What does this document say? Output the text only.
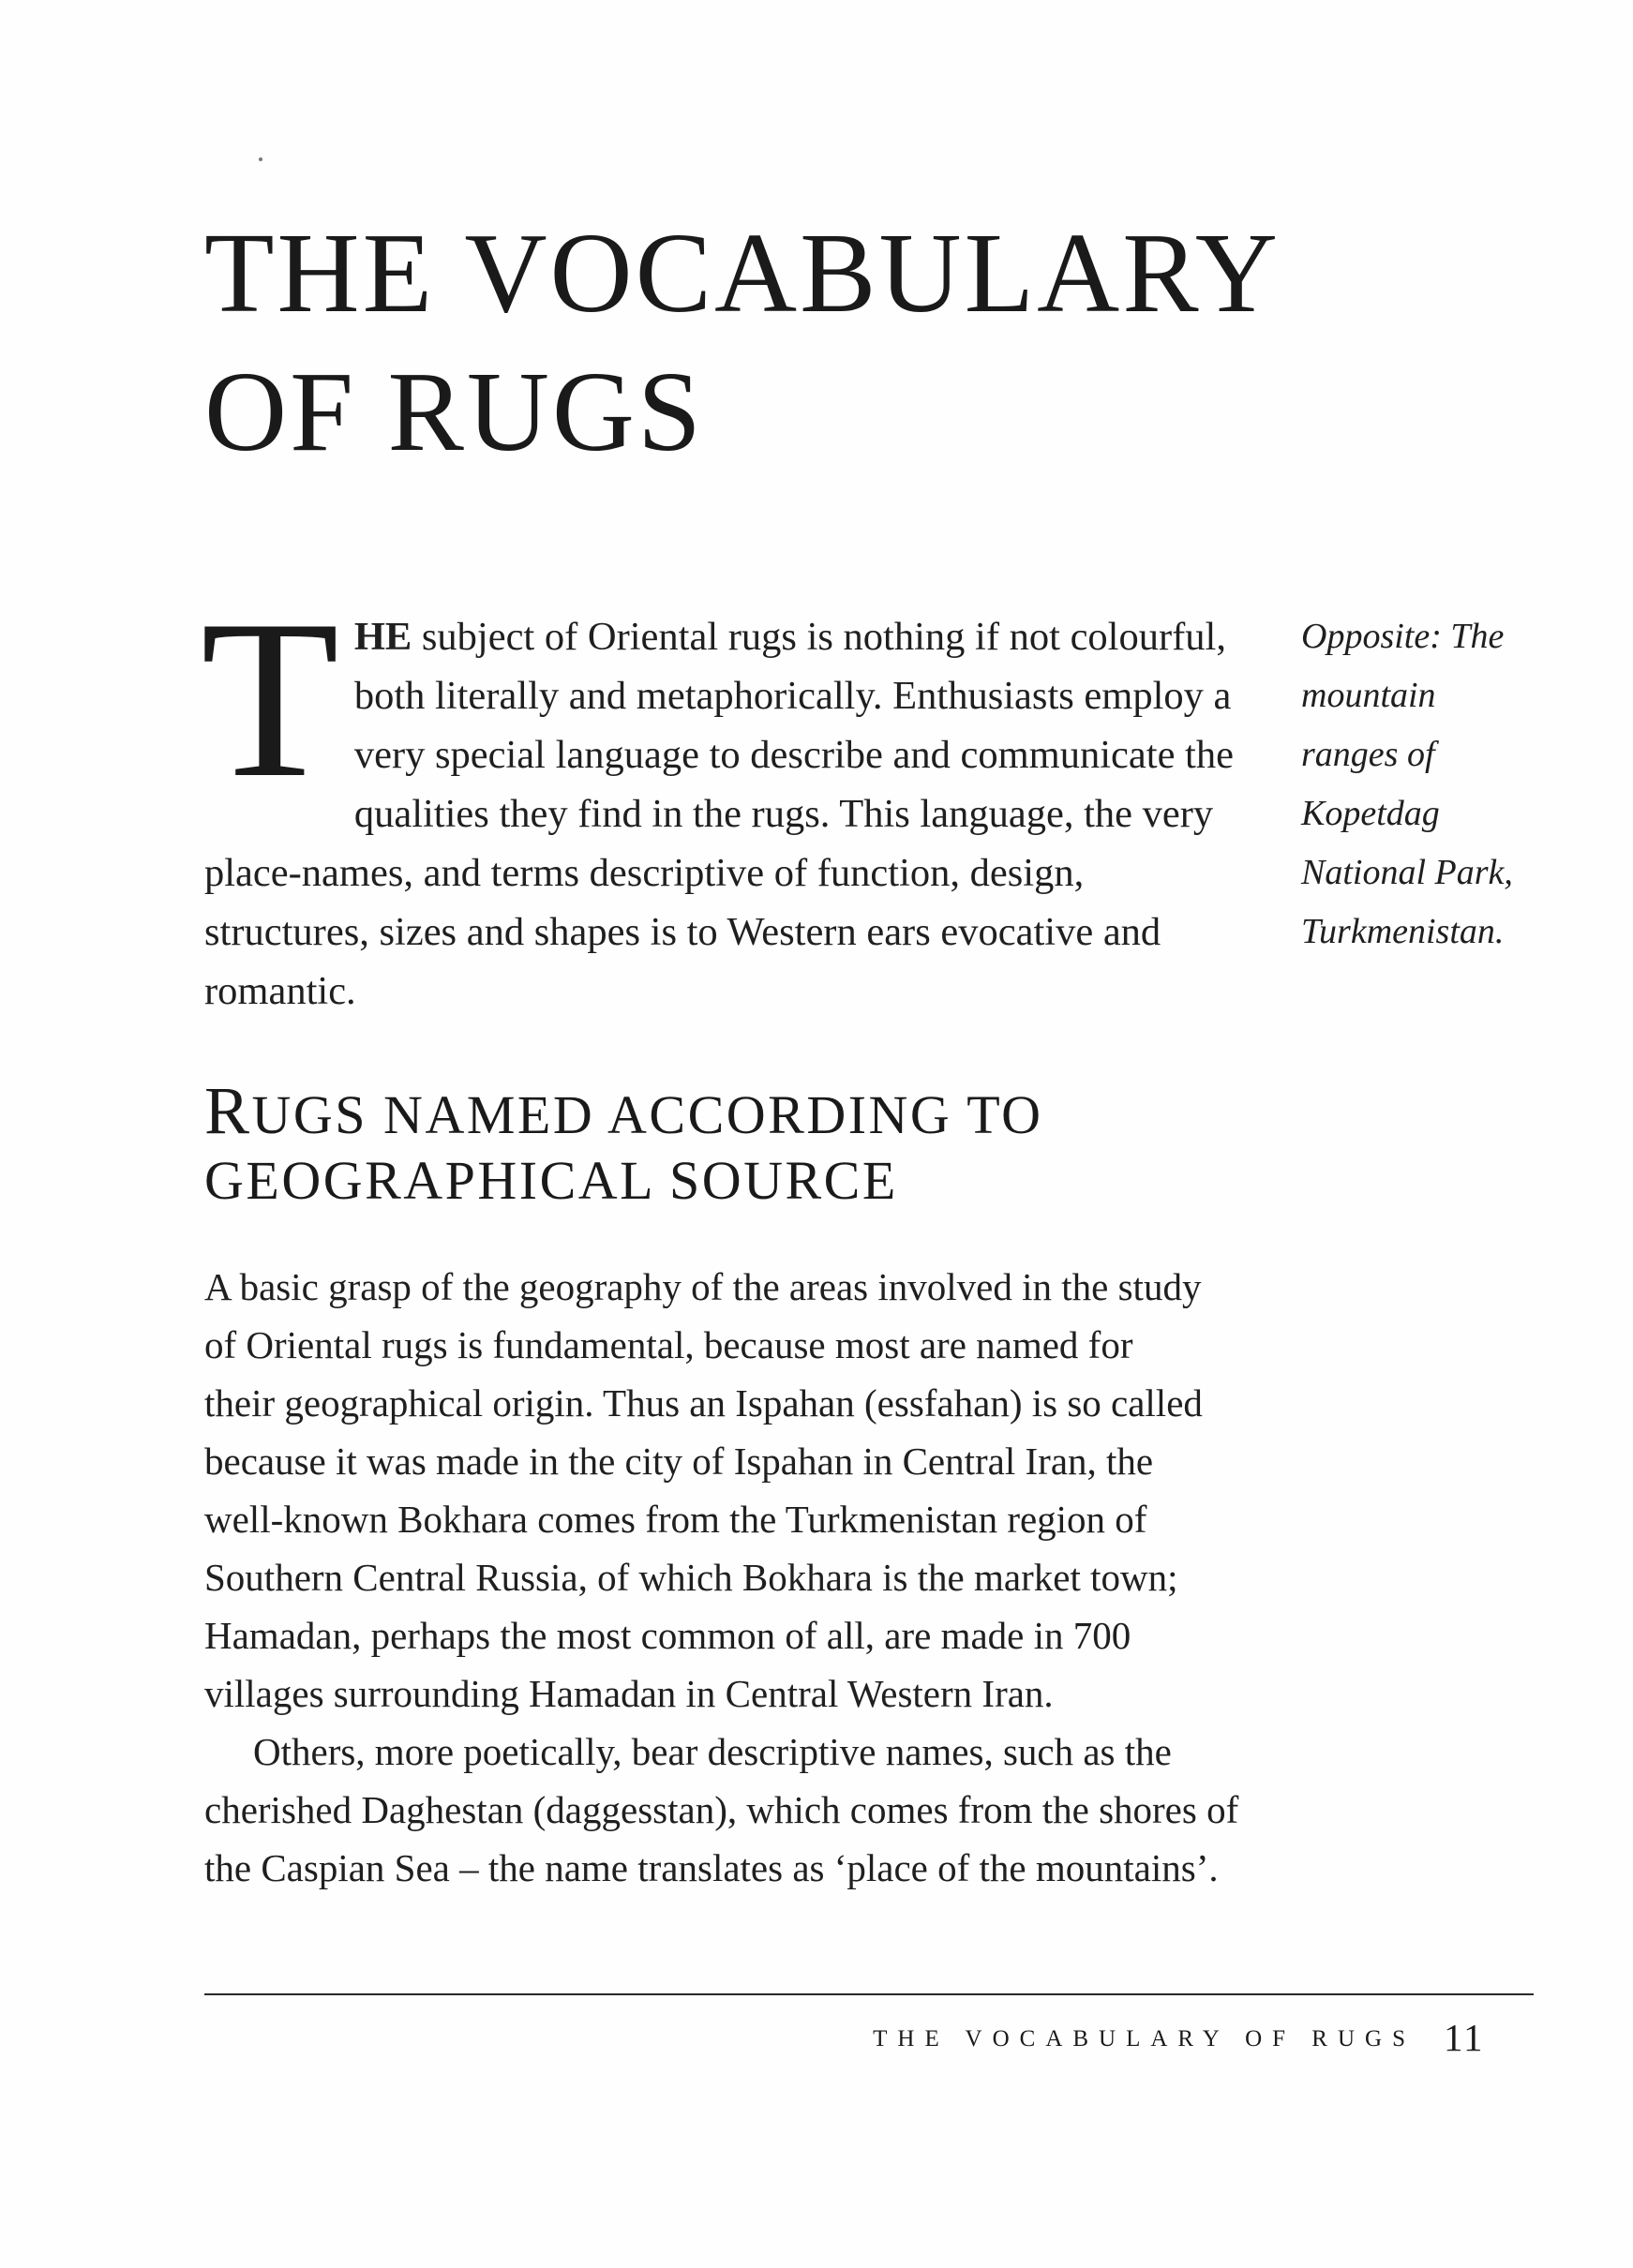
THE VOCABULARY
OF RUGS

THE subject of Oriental rugs is nothing if not colourful, both literally and metaphorically. Enthusiasts employ a very special language to describe and communicate the qualities they find in the rugs. This language, the very place-names, and terms descriptive of function, design, structures, sizes and shapes is to Western ears evocative and romantic.

Opposite: The
mountain
ranges of
Kopetdag
National Park,
Turkmenistan.
RUGS NAMED ACCORDING TO
GEOGRAPHICAL SOURCE

A basic grasp of the geography of the areas involved in the study
of Oriental rugs is fundamental, because most are named for
their geographical origin. Thus an Ispahan (essfahan) is so called
because it was made in the city of Ispahan in Central Iran, the
well-known Bokhara comes from the Turkmenistan region of
Southern Central Russia, of which Bokhara is the market town;
Hamadan, perhaps the most common of all, are made in 700
villages surrounding Hamadan in Central Western Iran.

Others, more poetically, bear descriptive names, such as the
cherished Daghestan (daggesstan), which comes from the shores of
the Caspian Sea – the name translates as ‘place of the mountains’.

THE VOCABULARY OF RUGS 11
